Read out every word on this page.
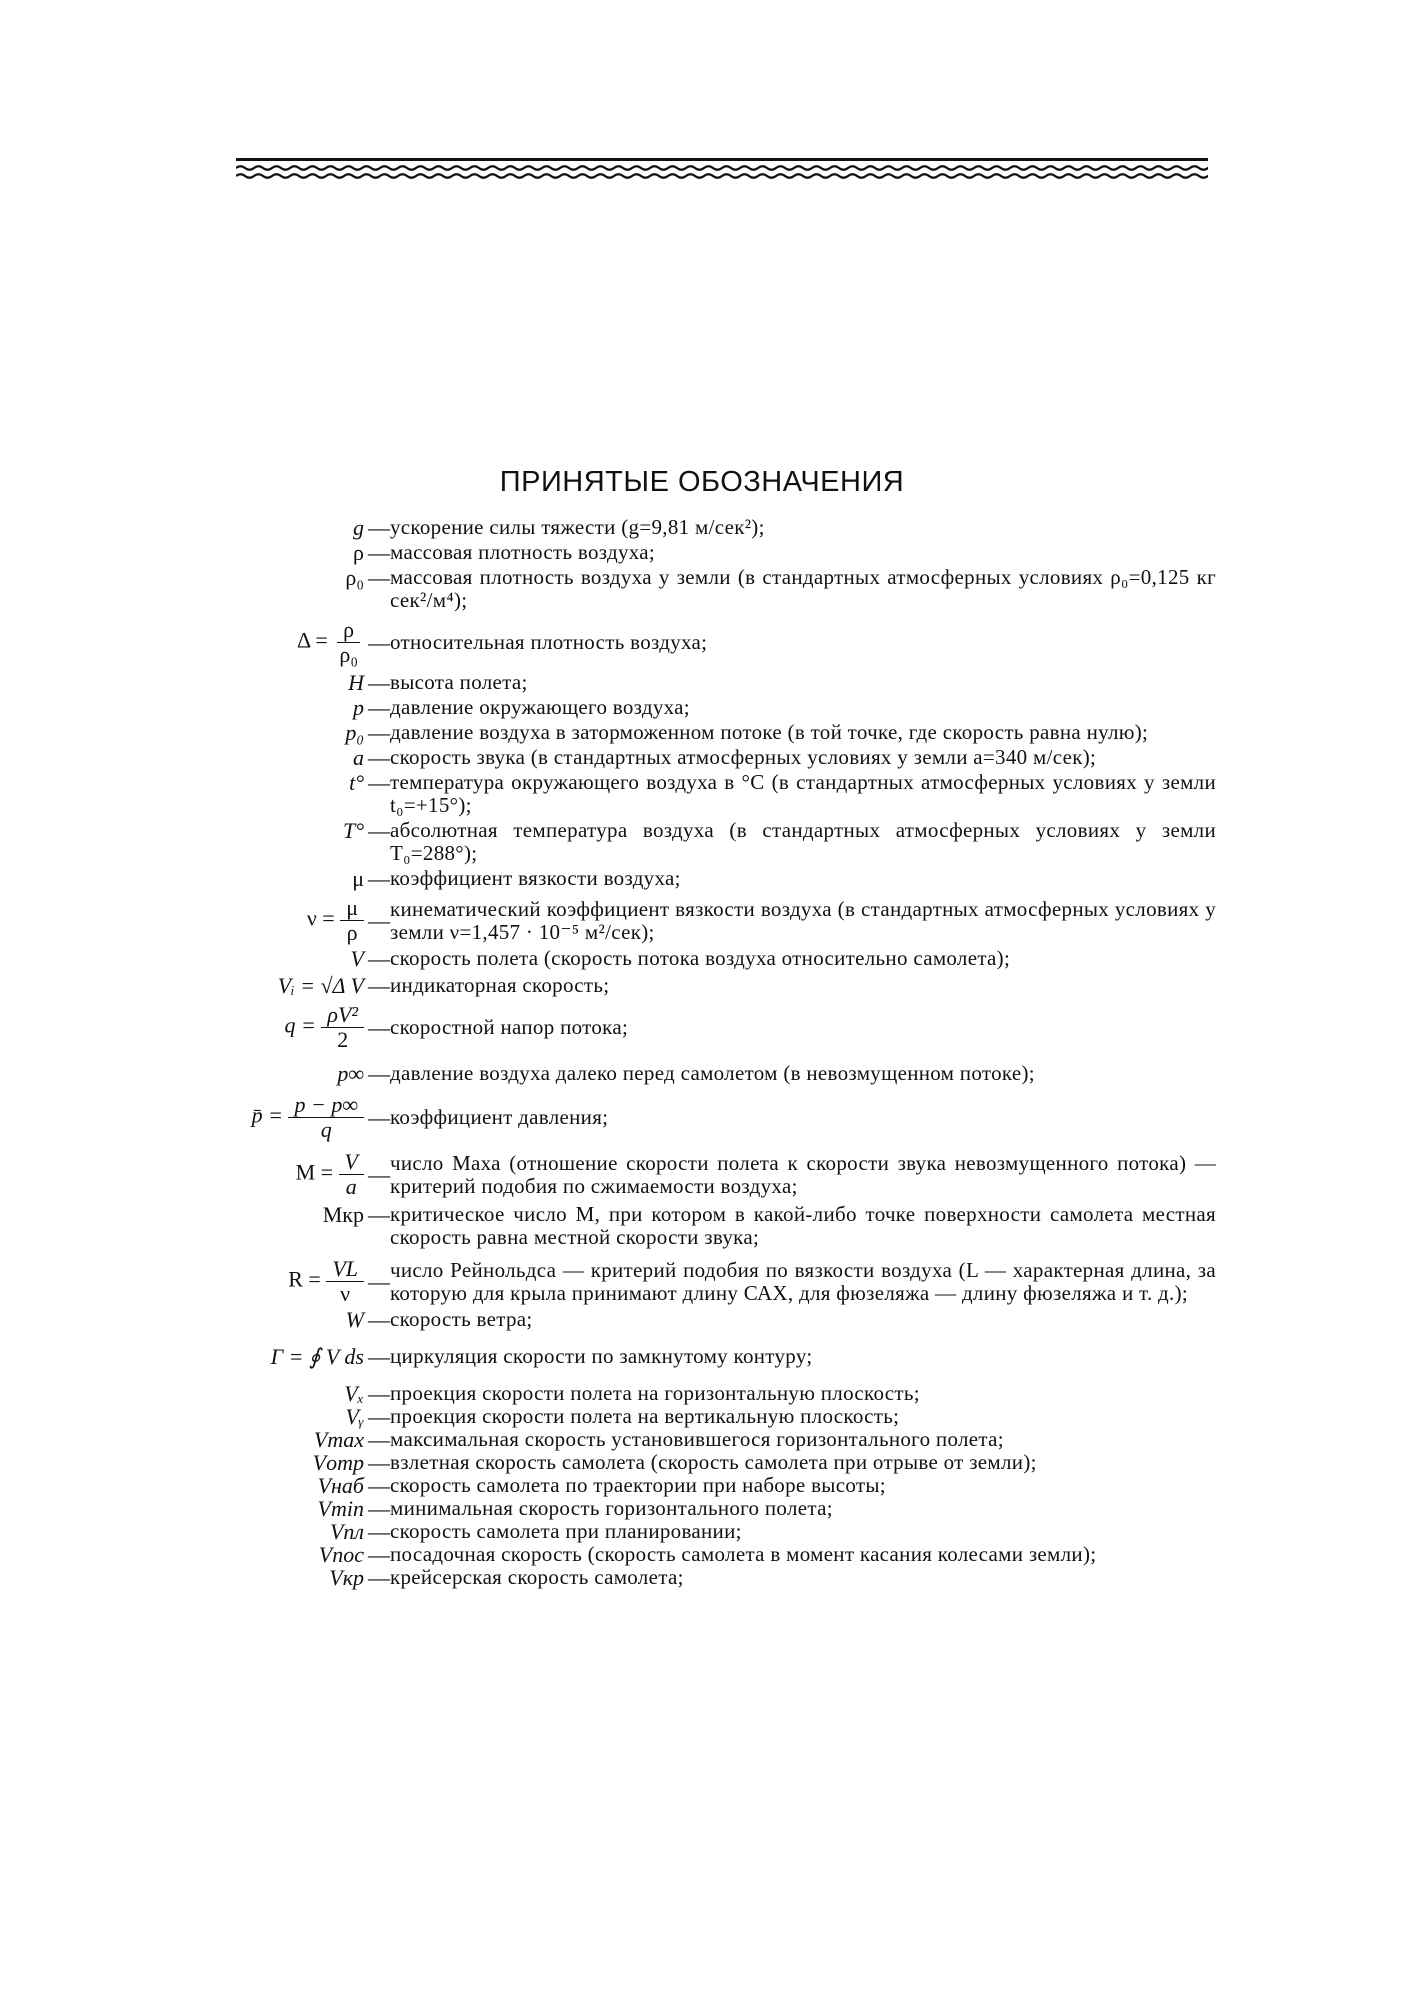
ПРИНЯТЫЕ ОБОЗНАЧЕНИЯ
g — ускорение силы тяжести (g=9,81 м/сек²);
ρ — массовая плотность воздуха;
ρ₀ — массовая плотность воздуха у земли (в стандартных атмосферных условиях ρ₀=0,125 кг сек²/м⁴);
$\Delta = \frac{\rho}{\text{ρ₀}}$ — относительная плотность воздуха;
H — высота полета;
p — давление окружающего воздуха;
p₀ — давление воздуха в заторможенном потоке (в той точке, где скорость равна нулю);
a — скорость звука (в стандартных атмосферных условиях у земли a=340 м/сек);
t° — температура окружающего воздуха в °C (в стандартных атмосферных условиях у земли t₀=+15°);
T° — абсолютная температура воздуха (в стандартных атмосферных условиях у земли T₀=288°);
μ — коэффициент вязкости воздуха;
$\nu = \frac{\mu}{\rho}$ — кинематический коэффициент вязкости воздуха (в стандартных атмосферных условиях у земли ν=1,457 · 10⁻⁵ м²/сек);
V — скорость полета (скорость потока воздуха относительно самолета);
Vᵢ = √Δ V — индикаторная скорость;
$q = \frac{\text{ρV²}}{2}$ — скоростной напор потока;
p∞ — давление воздуха далеко перед самолетом (в невозмущенном потоке);
p̄ = $\frac{p - p\infty}{q}$ — коэффициент давления;
$M = \frac{V}{a}$ — число Маха (отношение скорости полета к скорости звука невозмущенного потока) — критерий подобия по сжимаемости воздуха;
Mкр — критическое число М, при котором в какой-либо точке поверхности самолета местная скорость равна местной скорости звука;
$R = \frac{VL}{\nu}$ — число Рейнольдса — критерий подобия по вязкости воздуха (L — характерная длина, за которую для крыла принимают длину САХ, для фюзеляжа — длину фюзеляжа и т. д.);
W — скорость ветра;
Γ = ∮ V ds — циркуляция скорости по замкнутому контуру;
Vₓ — проекция скорости полета на горизонтальную плоскость;
Vᵧ — проекция скорости полета на вертикальную плоскость;
Vmax — максимальная скорость установившегося горизонтального полета;
Vотр — взлетная скорость самолета (скорость самолета при отрыве от земли);
Vнаб — скорость самолета по траектории при наборе высоты;
Vmin — минимальная скорость горизонтального полета;
Vпл — скорость самолета при планировании;
Vпос — посадочная скорость (скорость самолета в момент касания колесами земли);
Vкр — крейсерская скорость самолета;
